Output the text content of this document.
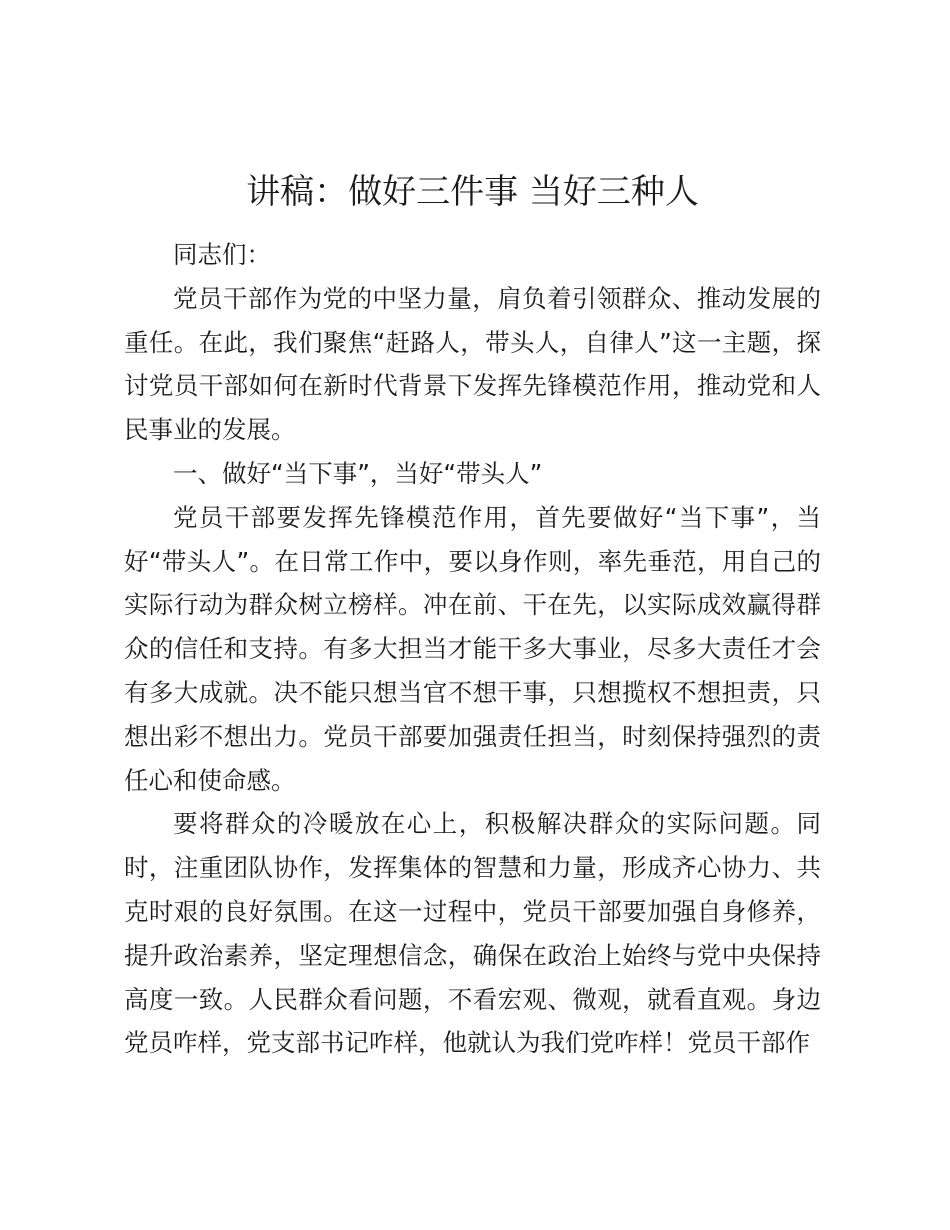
讲稿：做好三件事 当好三种人

同志们：

党员干部作为党的中坚力量，肩负着引领群众、推动发展的重任。在此，我们聚焦“赶路人，带头人，自律人”这一主题，探讨党员干部如何在新时代背景下发挥先锋模范作用，推动党和人民事业的发展。

一、做好“当下事”，当好“带头人”

党员干部要发挥先锋模范作用，首先要做好“当下事”，当好“带头人”。在日常工作中，要以身作则，率先垂范，用自己的实际行动为群众树立榜样。冲在前、干在先，以实际成效赢得群众的信任和支持。有多大担当才能干多大事业，尽多大责任才会有多大成就。决不能只想当官不想干事，只想揽权不想担责，只想出彩不想出力。党员干部要加强责任担当，时刻保持强烈的责任心和使命感。

要将群众的冷暖放在心上，积极解决群众的实际问题。同时，注重团队协作，发挥集体的智慧和力量，形成齐心协力、共克时艰的良好氛围。在这一过程中，党员干部要加强自身修养，提升政治素养，坚定理想信念，确保在政治上始终与党中央保持高度一致。人民群众看问题，不看宏观、微观，就看直观。身边党员咋样，党支部书记咋样，他就认为我们党咋样！党员干部作
